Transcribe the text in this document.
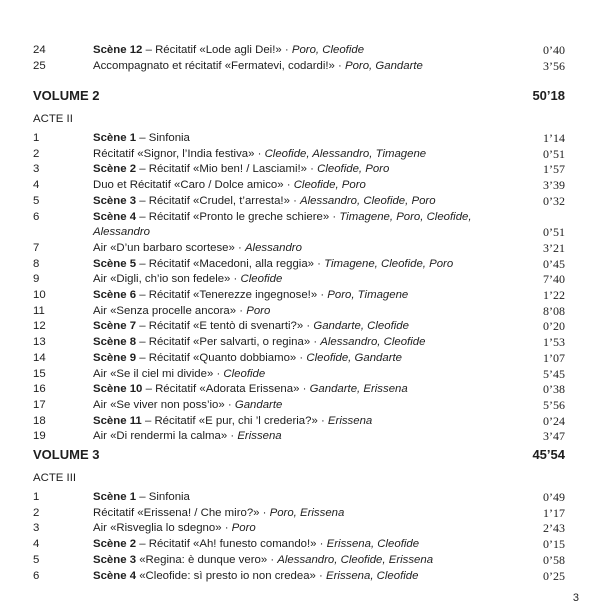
24	Scène 12 – Récitatif «Lode agli Dei!» · Poro, Cleofide	0’40
25	Accompagnato et récitatif «Fermatevi, codardi!» · Poro, Gandarte	3’56
VOLUME 2	50’18
ACTE II
1	Scène 1 – Sinfonia	1’14
2	Récitatif «Signor, l’India festiva» · Cleofide, Alessandro, Timagene	0’51
3	Scène 2 – Récitatif «Mio ben! / Lasciami!» · Cleofide, Poro	1’57
4	Duo et Récitatif «Caro / Dolce amico» · Cleofide, Poro	3’39
5	Scène 3 – Récitatif «Crudel, t’arresta!» · Alessandro, Cleofide, Poro	0’32
6	Scène 4 – Récitatif «Pronto le greche schiere» · Timagene, Poro, Cleofide,
Alessandro	0’51
7	Air «D’un barbaro scortese» · Alessandro	3’21
8	Scène 5 – Récitatif «Macedoni, alla reggia» · Timagene, Cleofide, Poro	0’45
9	Air «Digli, ch’io son fedele» · Cleofide	7’40
10	Scène 6 – Récitatif «Tenerezze ingegnose!» · Poro, Timagene	1’22
11	Air «Senza procelle ancora» · Poro	8’08
12	Scène 7 – Récitatif «E tentò di svenarti?» · Gandarte, Cleofide	0’20
13	Scène 8 – Récitatif «Per salvarti, o regina» · Alessandro, Cleofide	1’53
14	Scène 9 – Récitatif «Quanto dobbiamo» · Cleofide, Gandarte	1’07
15	Air «Se il ciel mi divide» · Cleofide	5’45
16	Scène 10 – Récitatif «Adorata Erissena» · Gandarte, Erissena	0’38
17	Air «Se viver non poss’io» · Gandarte	5’56
18	Scène 11 – Récitatif «E pur, chi ’l crederia?» · Erissena	0’24
19	Air «Di rendermi la calma» · Erissena	3’47
VOLUME 3	45’54
ACTE III
1	Scène 1 – Sinfonia	0’49
2	Récitatif «Erissena! / Che miro?» · Poro, Erissena	1’17
3	Air «Risveglia lo sdegno» · Poro	2’43
4	Scène 2 – Récitatif «Ah! funesto comando!» · Erissena, Cleofide	0’15
5	Scène 3 «Regina: è dunque vero» · Alessandro, Cleofide, Erissena	0’58
6	Scène 4 «Cleofide: sì presto io non credea» · Erissena, Cleofide	0’25
3
